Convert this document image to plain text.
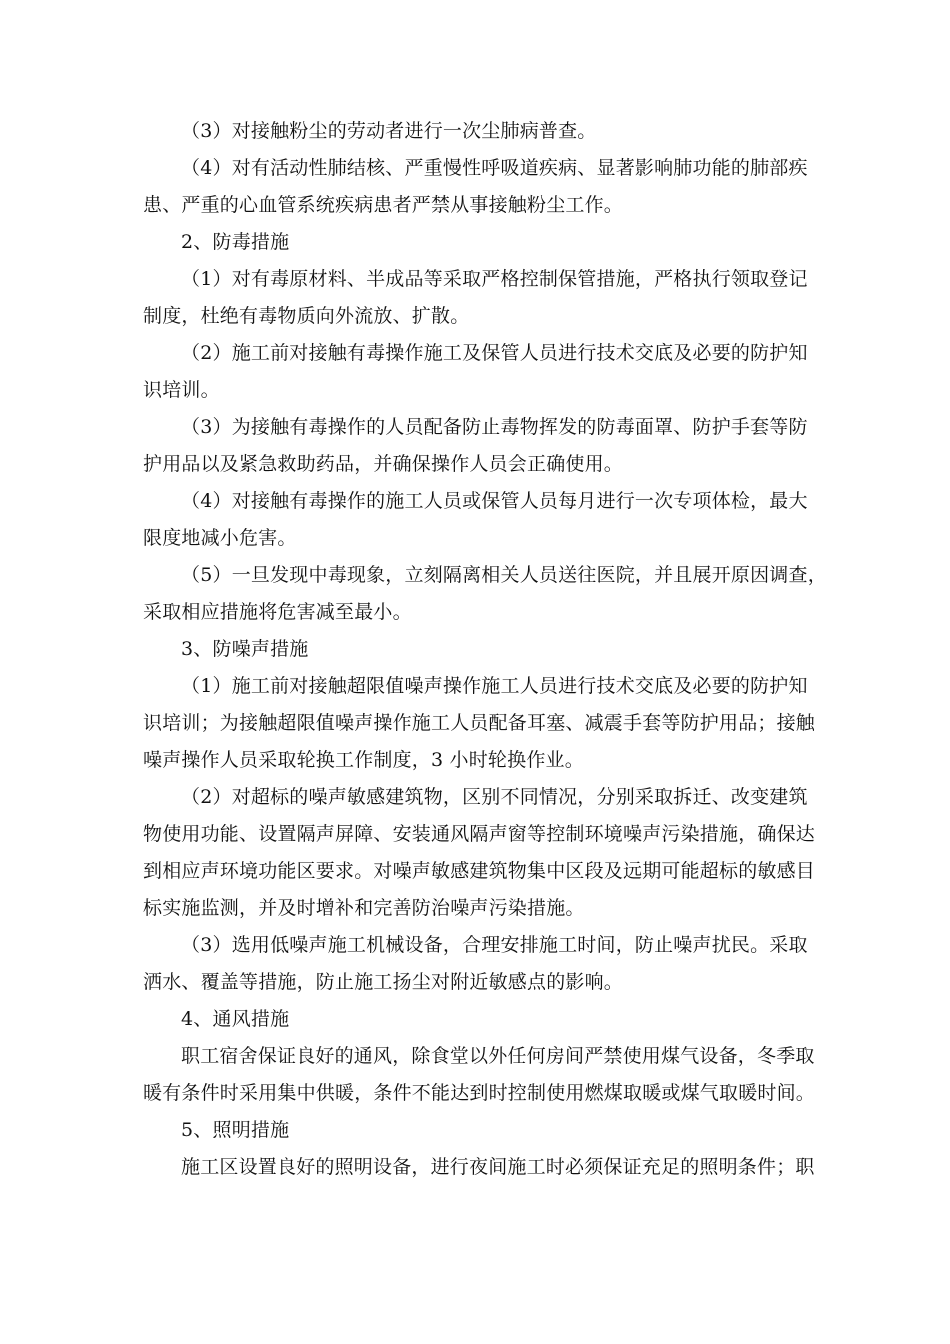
（3）对接触粉尘的劳动者进行一次尘肺病普查。
（4）对有活动性肺结核、严重慢性呼吸道疾病、显著影响肺功能的肺部疾
患、严重的心血管系统疾病患者严禁从事接触粉尘工作。
2、防毒措施
（1）对有毒原材料、半成品等采取严格控制保管措施，严格执行领取登记
制度，杜绝有毒物质向外流放、扩散。
（2）施工前对接触有毒操作施工及保管人员进行技术交底及必要的防护知
识培训。
（3）为接触有毒操作的人员配备防止毒物挥发的防毒面罩、防护手套等防
护用品以及紧急救助药品，并确保操作人员会正确使用。
（4）对接触有毒操作的施工人员或保管人员每月进行一次专项体检，最大
限度地减小危害。
（5）一旦发现中毒现象，立刻隔离相关人员送往医院，并且展开原因调查，
采取相应措施将危害减至最小。
3、防噪声措施
（1）施工前对接触超限值噪声操作施工人员进行技术交底及必要的防护知
识培训；为接触超限值噪声操作施工人员配备耳塞、减震手套等防护用品；接触
噪声操作人员采取轮换工作制度，3 小时轮换作业。
（2）对超标的噪声敏感建筑物，区别不同情况，分别采取拆迁、改变建筑
物使用功能、设置隔声屏障、安装通风隔声窗等控制环境噪声污染措施，确保达
到相应声环境功能区要求。对噪声敏感建筑物集中区段及远期可能超标的敏感目
标实施监测，并及时增补和完善防治噪声污染措施。
（3）选用低噪声施工机械设备，合理安排施工时间，防止噪声扰民。采取
洒水、覆盖等措施，防止施工扬尘对附近敏感点的影响。
4、通风措施
职工宿舍保证良好的通风，除食堂以外任何房间严禁使用煤气设备，冬季取
暖有条件时采用集中供暖，条件不能达到时控制使用燃煤取暖或煤气取暖时间。
5、照明措施
施工区设置良好的照明设备，进行夜间施工时必须保证充足的照明条件；职
